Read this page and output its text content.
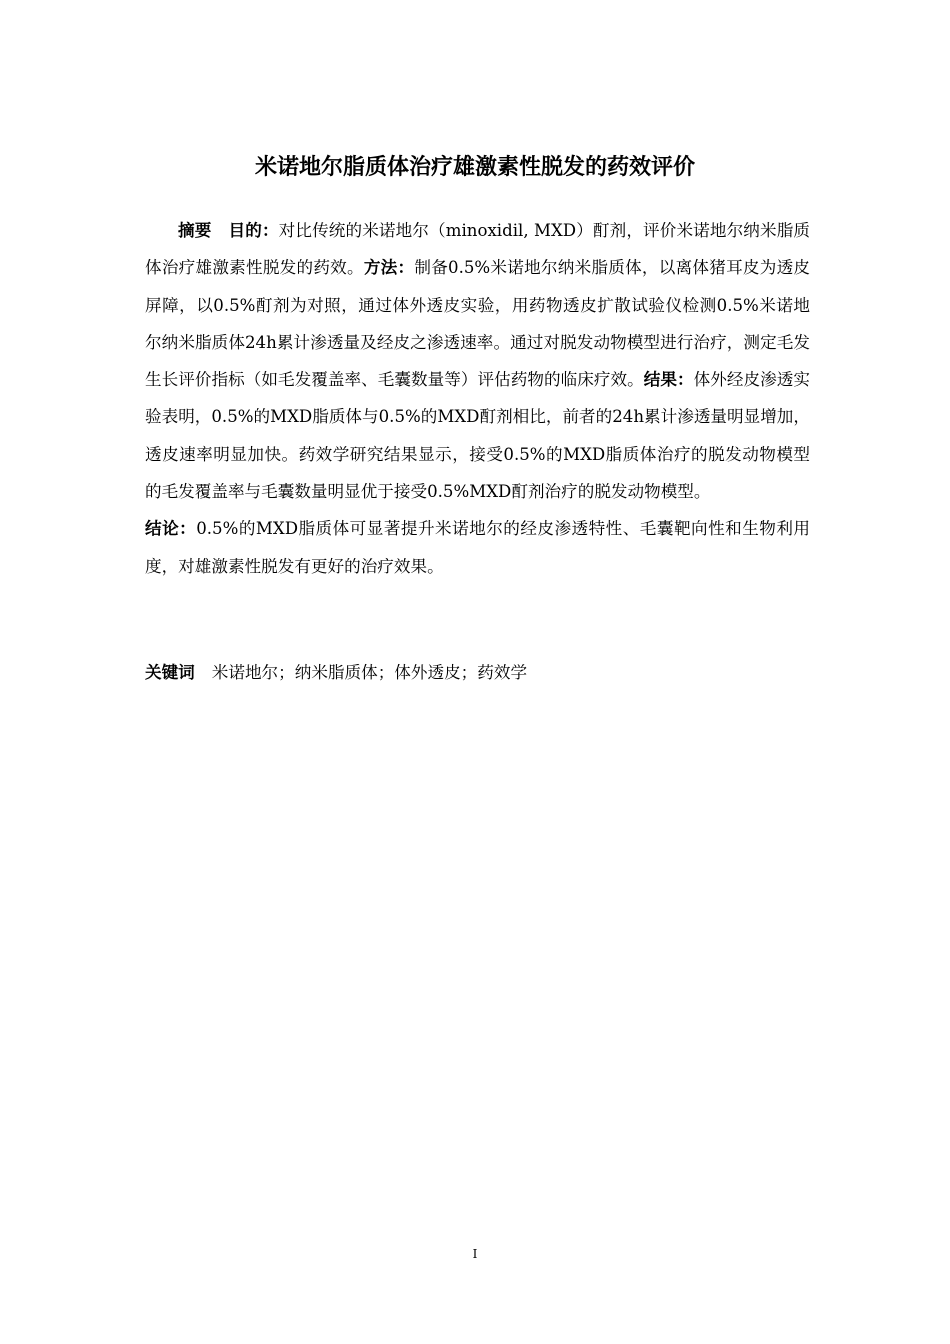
米诺地尔脂质体治疗雄激素性脱发的药效评价

摘要 目的：对比传统的米诺地尔（minoxidil, MXD）酊剂，评价米诺地尔纳米脂质体治疗雄激素性脱发的药效。方法：制备0.5%米诺地尔纳米脂质体，以离体猪耳皮为透皮屏障，以0.5%酊剂为对照，通过体外透皮实验，用药物透皮扩散试验仪检测0.5%米诺地尔纳米脂质体24h累计渗透量及经皮之渗透速率。通过对脱发动物模型进行治疗，测定毛发生长评价指标（如毛发覆盖率、毛囊数量等）评估药物的临床疗效。结果：体外经皮渗透实验表明，0.5%的MXD脂质体与0.5%的MXD酊剂相比，前者的24h累计渗透量明显增加，透皮速率明显加快。药效学研究结果显示，接受0.5%的MXD脂质体治疗的脱发动物模型的毛发覆盖率与毛囊数量明显优于接受0.5%MXD酊剂治疗的脱发动物模型。
结论：0.5%的MXD脂质体可显著提升米诺地尔的经皮渗透特性、毛囊靶向性和生物利用度，对雄激素性脱发有更好的治疗效果。

关键词 米诺地尔；纳米脂质体；体外透皮；药效学

I
